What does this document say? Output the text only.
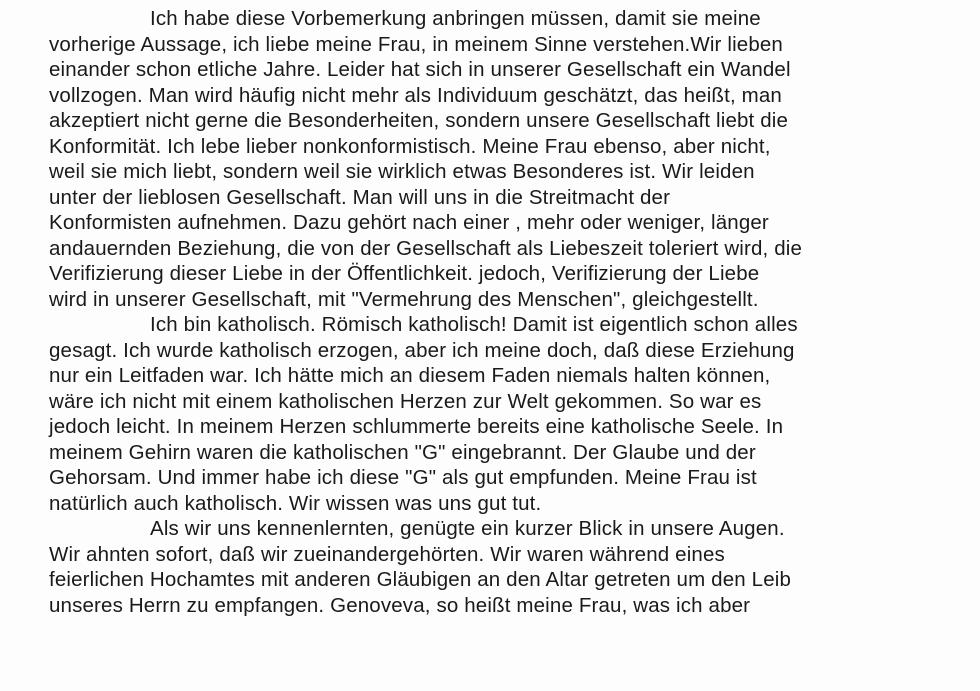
Ich habe diese Vorbemerkung anbringen müssen, damit sie meine
vorherige Aussage, ich liebe meine Frau, in meinem Sinne verstehen.Wir lieben
einander schon etliche Jahre. Leider hat sich in unserer Gesellschaft ein Wandel
vollzogen. Man wird häufig nicht mehr als Individuum geschätzt, das heißt, man
akzeptiert nicht gerne die Besonderheiten, sondern unsere Gesellschaft liebt die
Konformität. Ich lebe lieber nonkonformistisch. Meine Frau ebenso, aber nicht,
weil sie mich liebt, sondern weil sie wirklich etwas Besonderes ist. Wir leiden
unter der lieblosen Gesellschaft. Man will uns in die Streitmacht der
Konformisten aufnehmen. Dazu gehört nach einer , mehr oder weniger, länger
andauernden Beziehung, die von der Gesellschaft als Liebeszeit toleriert wird, die
Verifizierung dieser Liebe in der Öffentlichkeit. jedoch, Verifizierung der Liebe
wird in unserer Gesellschaft, mit "Vermehrung des Menschen", gleichgestellt.
Ich bin katholisch. Römisch katholisch! Damit ist eigentlich schon alles
gesagt. Ich wurde katholisch erzogen, aber ich meine doch, daß diese Erziehung
nur ein Leitfaden war. Ich hätte mich an diesem Faden niemals halten können,
wäre ich nicht mit einem katholischen Herzen zur Welt gekommen. So war es
jedoch leicht. In meinem Herzen schlummerte bereits eine katholische Seele. In
meinem Gehirn waren die katholischen "G" eingebrannt. Der Glaube und der
Gehorsam. Und immer habe ich diese "G" als gut empfunden. Meine Frau ist
natürlich auch katholisch. Wir wissen was uns gut tut.
Als wir uns kennenlernten, genügte ein kurzer Blick in unsere Augen.
Wir ahnten sofort, daß wir zueinandergehörten. Wir waren während eines
feierlichen Hochamtes mit anderen Gläubigen an den Altar getreten um den Leib
unseres Herrn zu empfangen. Genoveva, so heißt meine Frau, was ich aber
